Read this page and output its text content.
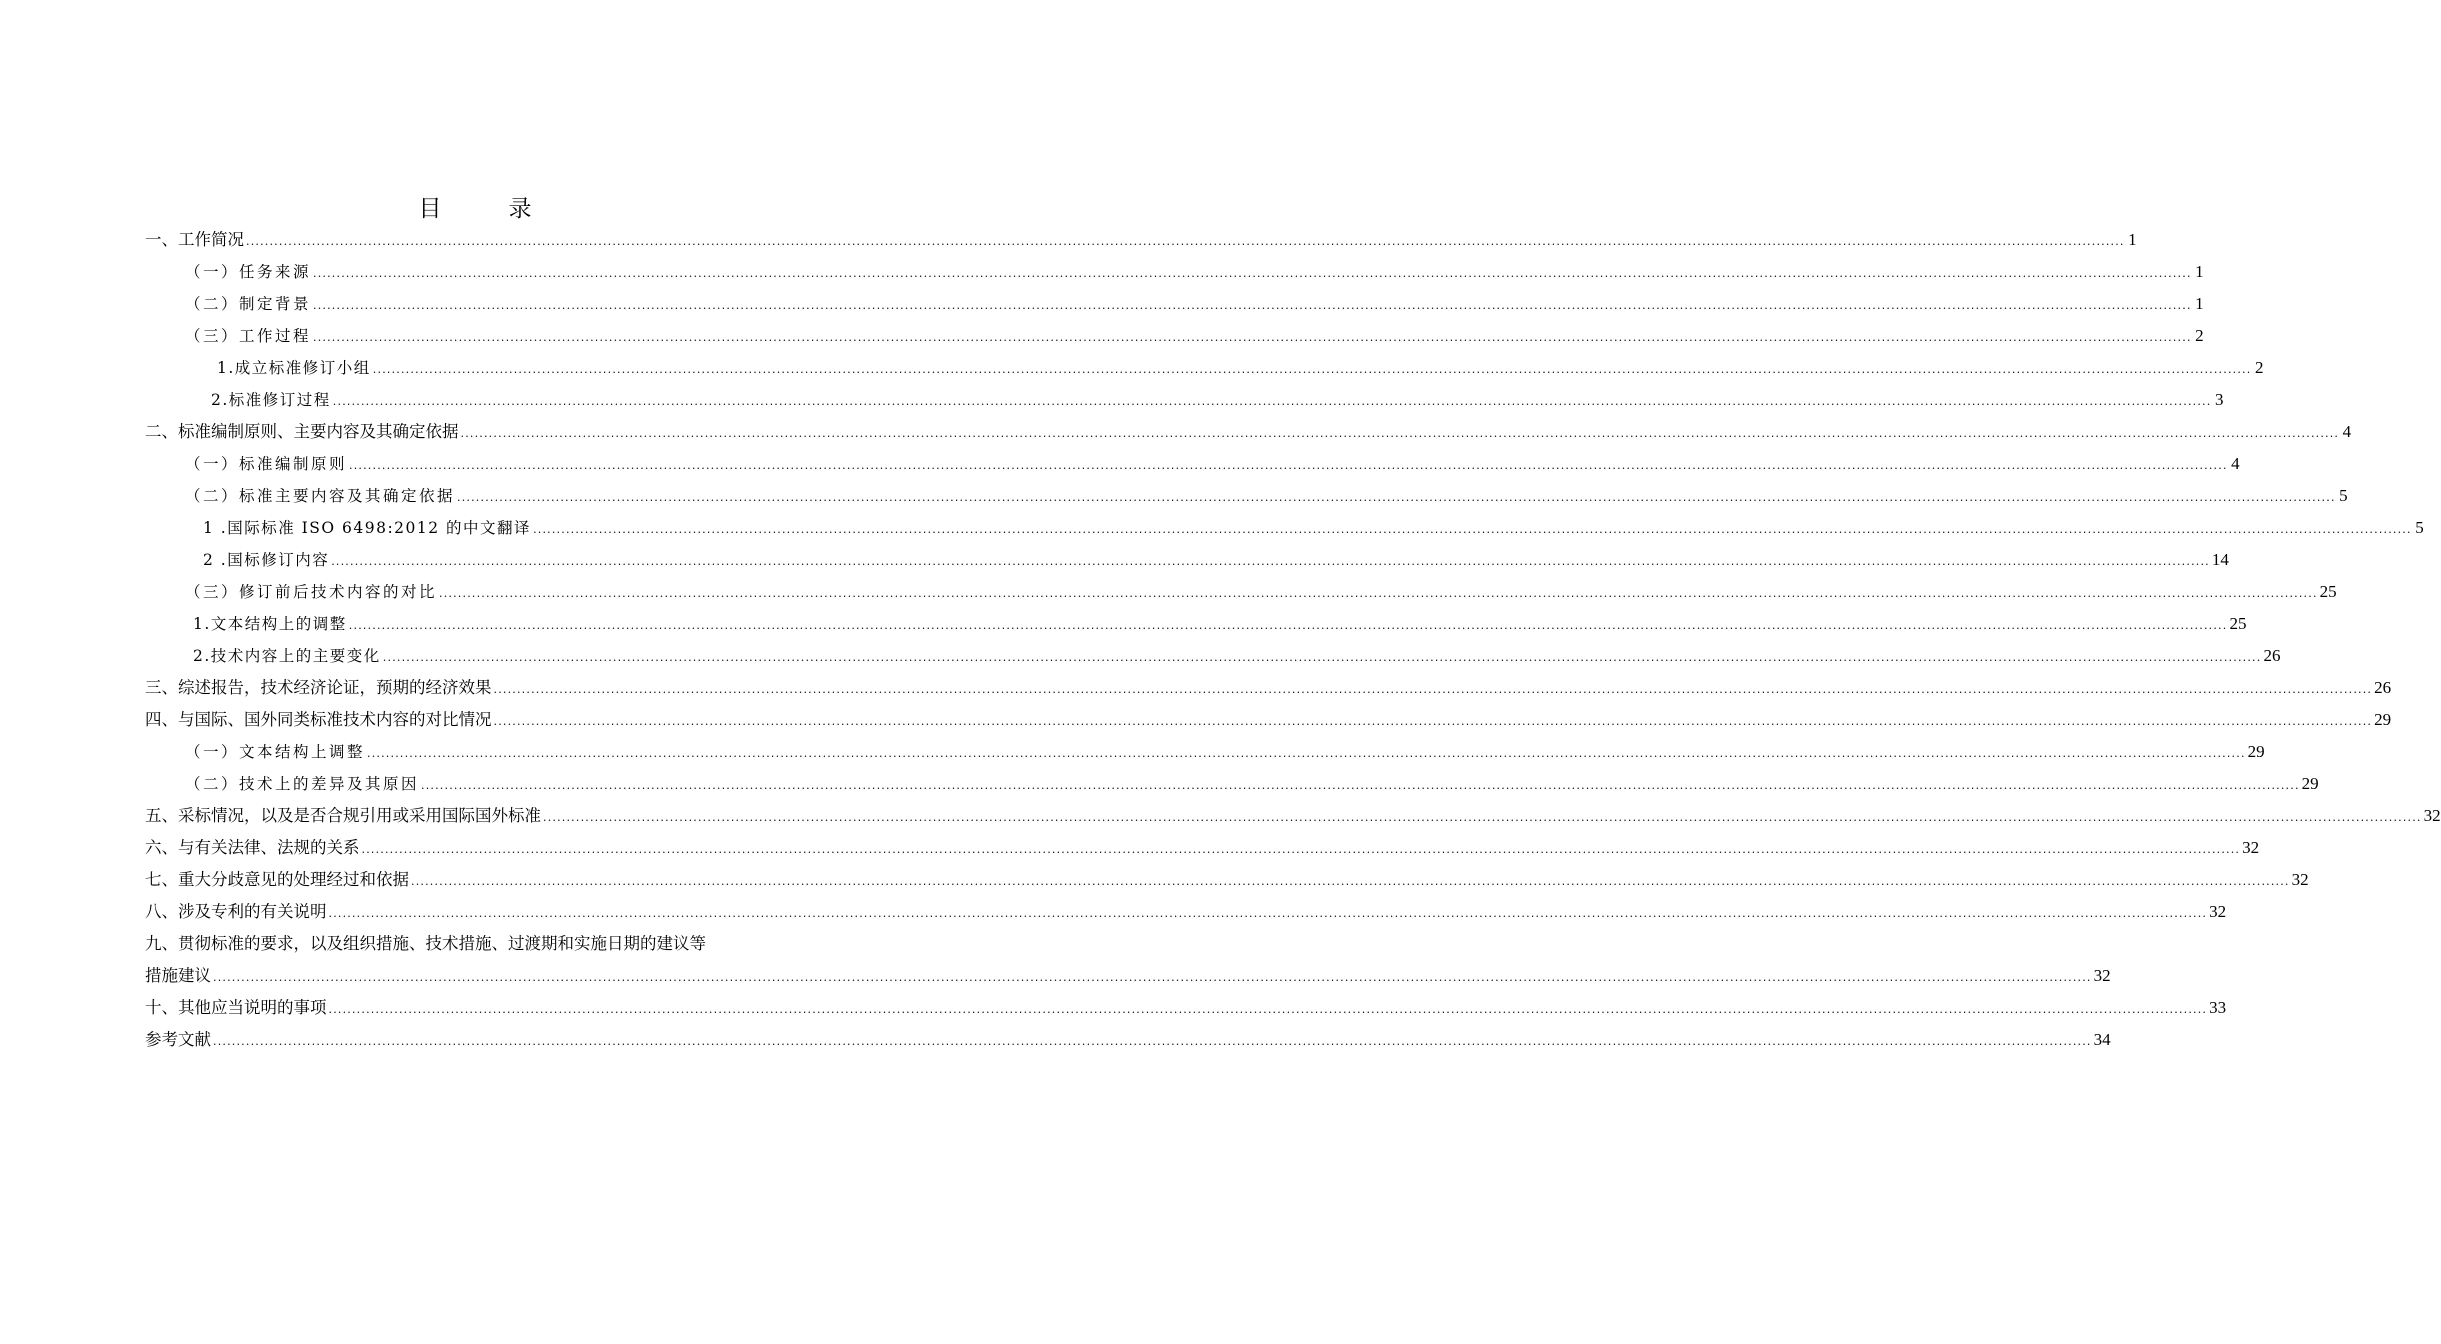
目　录
一、工作简况 ................................................................................................................................................................................................................................................................................................................................................................................................................ 1
（一）任务来源 ................................................................................................................................................................................................................................................................................................................................................................................................................ 1
（二）制定背景 ................................................................................................................................................................................................................................................................................................................................................................................................................ 1
（三）工作过程 ................................................................................................................................................................................................................................................................................................................................................................................................................ 2
1.成立标准修订小组 ................................................................................................................................................................................................................................................................................................................................................................................................................ 2
2.标准修订过程 ................................................................................................................................................................................................................................................................................................................................................................................................................ 3
二、标准编制原则、主要内容及其确定依据 ................................................................................................................................................................................................................................................................................................................................................................................................................ 4
（一）标准编制原则 ................................................................................................................................................................................................................................................................................................................................................................................................................ 4
（二）标准主要内容及其确定依据 ................................................................................................................................................................................................................................................................................................................................................................................................................ 5
1 .国际标准 ISO 6498:2012 的中文翻译 ................................................................................................................................................................................................................................................................................................................................................................................................................ 5
2 .国标修订内容 ................................................................................................................................................................................................................................................................................................................................................................................................................ 14
（三）修订前后技术内容的对比 ................................................................................................................................................................................................................................................................................................................................................................................................................ 25
1.文本结构上的调整 ................................................................................................................................................................................................................................................................................................................................................................................................................ 25
2.技术内容上的主要变化 ................................................................................................................................................................................................................................................................................................................................................................................................................ 26
三、综述报告，技术经济论证，预期的经济效果 ................................................................................................................................................................................................................................................................................................................................................................................................................ 26
四、与国际、国外同类标准技术内容的对比情况 ................................................................................................................................................................................................................................................................................................................................................................................................................ 29
（一）文本结构上调整 ................................................................................................................................................................................................................................................................................................................................................................................................................ 29
（二）技术上的差异及其原因 ................................................................................................................................................................................................................................................................................................................................................................................................................ 29
五、采标情况，以及是否合规引用或采用国际国外标准 ................................................................................................................................................................................................................................................................................................................................................................................................................ 32
六、与有关法律、法规的关系 ................................................................................................................................................................................................................................................................................................................................................................................................................ 32
七、重大分歧意见的处理经过和依据 ................................................................................................................................................................................................................................................................................................................................................................................................................ 32
八、涉及专利的有关说明 ................................................................................................................................................................................................................................................................................................................................................................................................................ 32
九、贯彻标准的要求，以及组织措施、技术措施、过渡期和实施日期的建议等
措施建议 ................................................................................................................................................................................................................................................................................................................................................................................................................ 32
十、其他应当说明的事项 ................................................................................................................................................................................................................................................................................................................................................................................................................ 33
参考文献 ................................................................................................................................................................................................................................................................................................................................................................................................................ 34
